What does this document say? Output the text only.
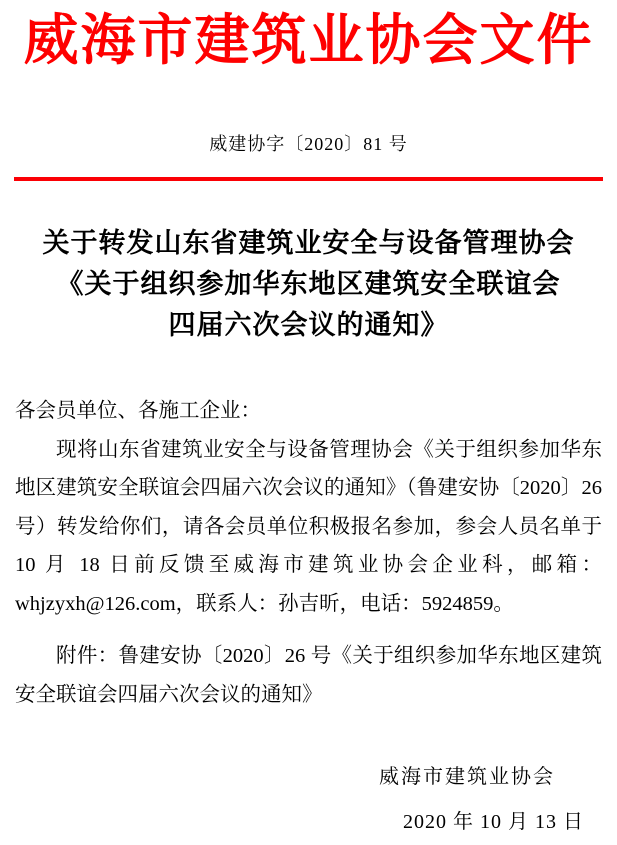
威海市建筑业协会文件
威建协字〔2020〕81 号
关于转发山东省建筑业安全与设备管理协会
《关于组织参加华东地区建筑安全联谊会
四届六次会议的通知》
各会员单位、各施工企业：
现将山东省建筑业安全与设备管理协会《关于组织参加华东地区建筑安全联谊会四届六次会议的通知》（鲁建安协〔2020〕26 号）转发给你们，请各会员单位积极报名参加，参会人员名单于 10 月 18 日前反馈至威海市建筑业协会企业科，邮箱：whjzyxh@126.com，联系人：孙吉昕，电话：5924859。
附件：鲁建安协〔2020〕26 号《关于组织参加华东地区建筑安全联谊会四届六次会议的通知》
威海市建筑业协会
2020 年 10 月 13 日
